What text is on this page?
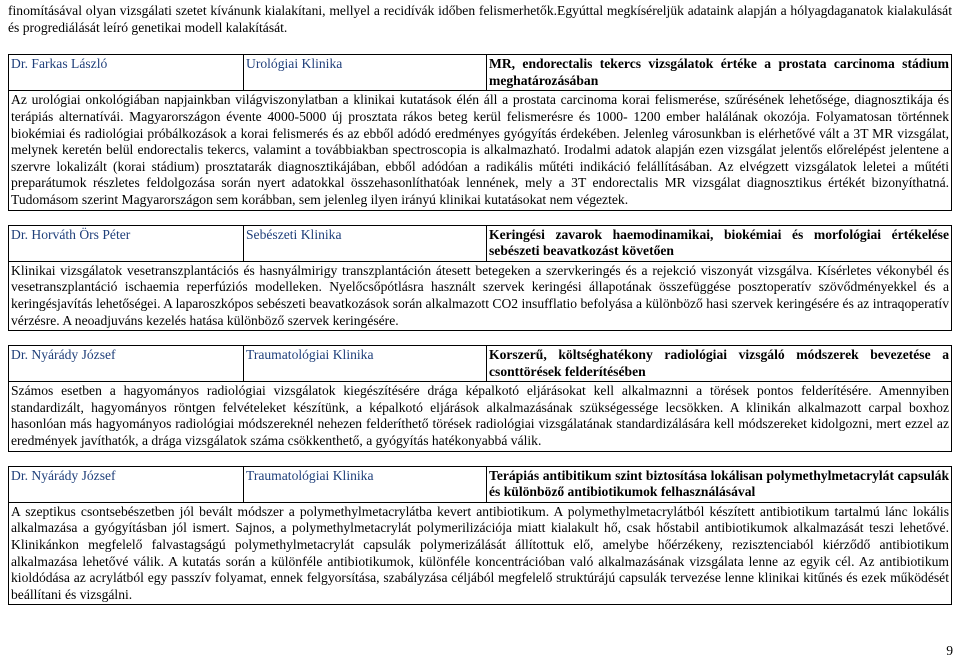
finomításával olyan vizsgálati szetet kívánunk kialakítani, mellyel a recidívák időben felismerhetők.Egyúttal megkíséreljük adataink alapján a hólyagdaganatok kialakulását és progrediálását leíró genetikai modell kalakítását.

Dr. Farkas László	Urológiai Klinika	MR, endorectalis tekercs vizsgálatok értéke a prostata carcinoma stádium meghatározásában
Az urológiai onkológiában napjainkban világviszonylatban a klinikai kutatások élén áll a prostata carcinoma korai felismerése, szűrésének lehetősége, diagnosztikája és terápiás alternatívái. Magyarországon évente 4000-5000 új prosztata rákos beteg kerül felismerésre és 1000- 1200 ember halálának okozója. Folyamatosan történnek biokémiai és radiológiai próbálkozások a korai felismerés és az ebből adódó eredményes gyógyítás érdekében. Jelenleg városunkban is elérhetővé vált a 3T MR vizsgálat, melynek keretén belül endorectalis tekercs, valamint a továbbiakban spectroscopia is alkalmazható. Irodalmi adatok alapján ezen vizsgálat jelentős előrelépést jelentene a szervre lokalizált (korai stádium) prosztatarák diagnosztikájában, ebből adódóan a radikális műtéti indikáció felállításában. Az elvégzett vizsgálatok leletei a műtéti preparátumok részletes feldolgozása során nyert adatokkal összehasonlíthatóak lennének, mely a 3T endorectalis MR vizsgálat diagnosztikus értékét bizonyíthatná. Tudomásom szerint Magyarországon sem korábban, sem jelenleg ilyen irányú klinikai kutatásokat nem végeztek.
Dr. Horváth Örs Péter	Sebészeti Klinika	Keringési zavarok haemodinamikai, biokémiai és morfológiai értékelése sebészeti beavatkozást követően
Klinikai vizsgálatok vesetranszplantációs és hasnyálmirigy transzplantáción átesett betegeken a szervkeringés és a rejekció viszonyát vizsgálva. Kísérletes vékonybél és vesetranszplantáció ischaemia reperfúziós modelleken. Nyelőcsőpótlásra használt szervek keringési állapotának összefüggése posztoperatív szövődményekkel és a keringésjavítás lehetőségei. A laparoszkópos sebészeti beavatkozások során alkalmazott CO2 insufflatio befolyása a különböző hasi szervek keringésére és az intraqoperatív vérzésre. A neoadjuváns kezelés hatása különböző szervek keringésére.
Dr. Nyárády József	Traumatológiai Klinika	Korszerű, költséghatékony radiológiai vizsgáló módszerek bevezetése a csonttörések felderítésében
Számos esetben a hagyományos radiológiai vizsgálatok kiegészítésére drága képalkotó eljárásokat kell alkalmaznni a törések pontos felderítésére. Amennyiben standardizált, hagyományos röntgen felvételeket készítünk, a képalkotó eljárások alkalmazásának szükségessége lecsökken. A klinikán alkalmazott carpal boxhoz hasonlóan más hagyományos radiológiai módszereknél nehezen felderíthető törések radiológiai vizsgálatának standardizálására kell módszereket kidolgozni, mert ezzel az eredmények javíthatók, a drága vizsgálatok száma csökkenthető, a gyógyítás hatékonyabbá válik.
Dr. Nyárády József	Traumatológiai Klinika	Terápiás antibitikum szint biztosítása lokálisan polymethylmetacrylát capsulák és különböző antibiotikumok felhasználásával
A szeptikus csontsebészetben jól bevált módszer a polymethylmetacrylátba kevert antibiotikum. A polymethylmetacrylátból készített antibiotikum tartalmú lánc lokális alkalmazása a gyógyításban jól ismert. Sajnos, a polymethylmetacrylát polymerilizációja miatt kialakult hő, csak hőstabil antibiotikumok alkalmazását teszi lehetővé. Klinikánkon megfelelő falvastagságú polymethylmetacrylát capsulák polymerizálását állítottuk elő, amelybe hőérzékeny, rezisztenciaból kiérződő antibiotikum alkalmazása lehetővé válik. A kutatás során a különféle antibiotikumok, különféle koncentrációban való alkalmazásának vizsgálata lenne az egyik cél. Az antibiotikum kioldódása az acrylátból egy passzív folyamat, ennek felgyorsítása, szabályzása céljából megfelelő struktúrájú capsulák tervezése lenne klinikai kitűnés és ezek működését beállítani és vizsgálni.
9
